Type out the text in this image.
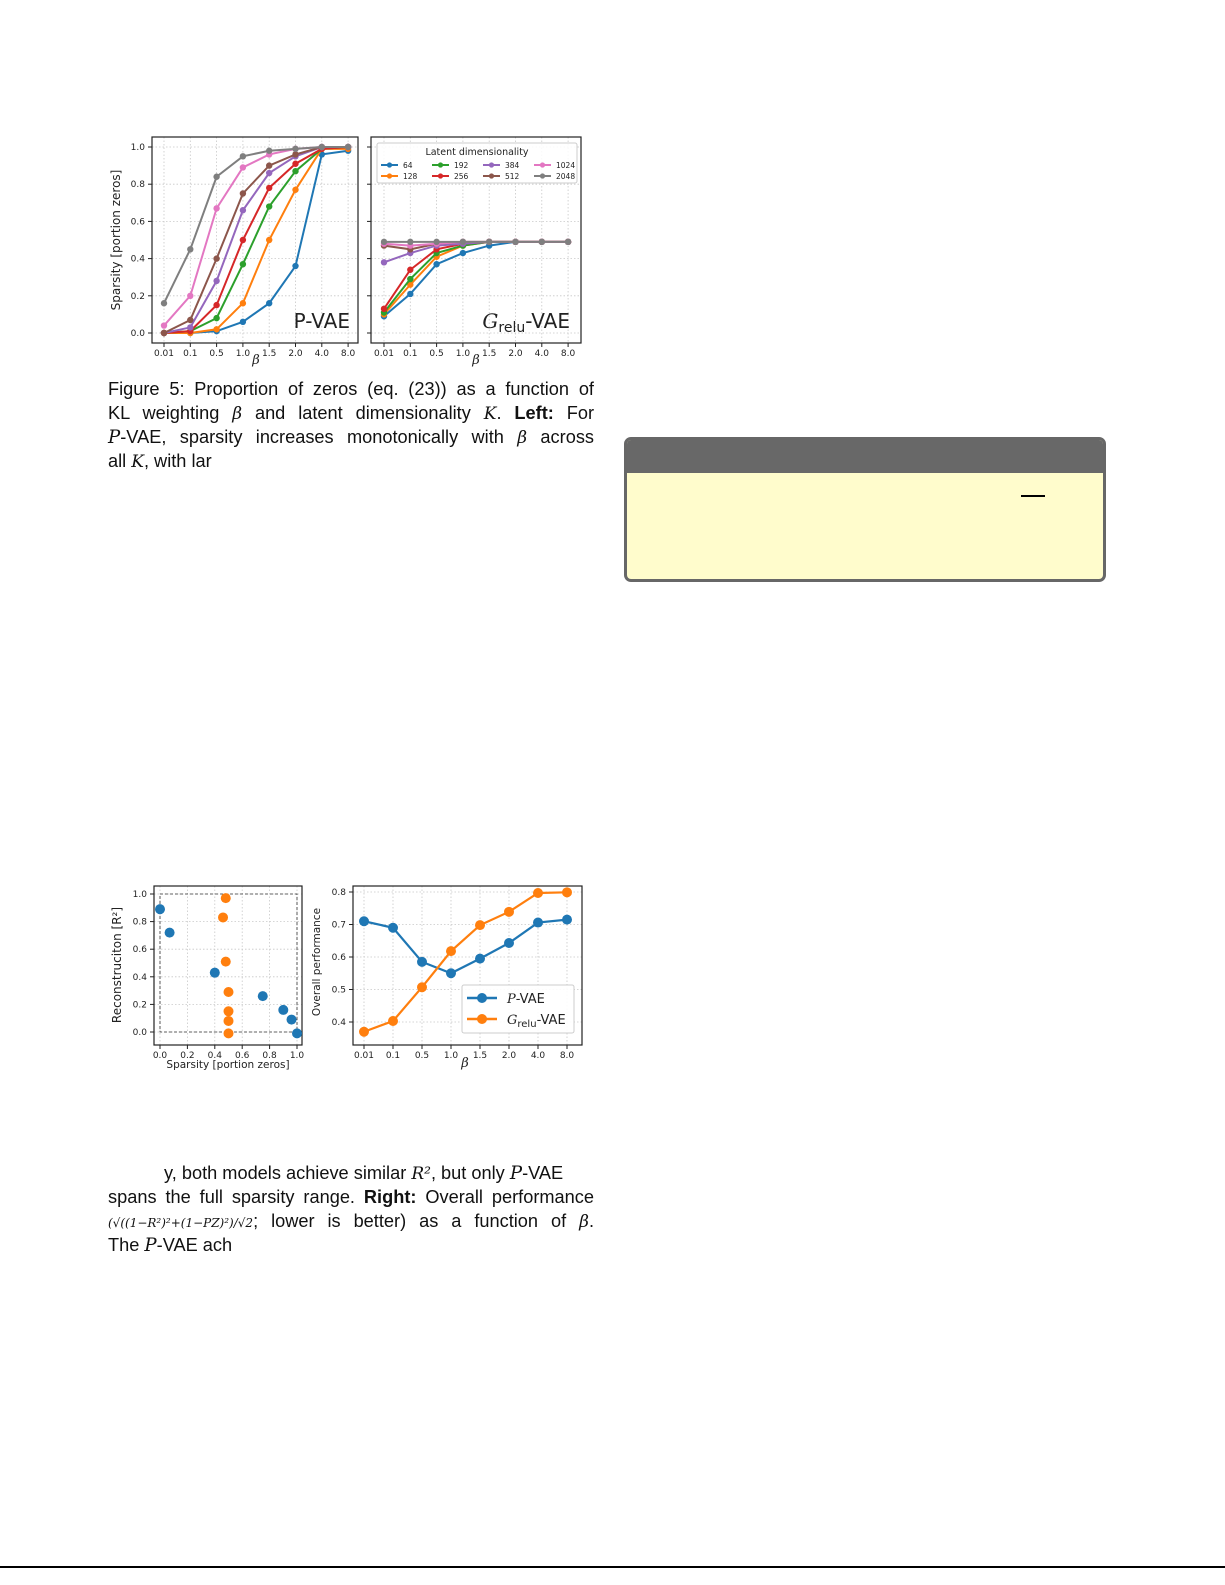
0.01 0.1 0.5 1.0 1.5 2.0 4.0 8.0
0.0
0.2
0.4
0.6
0.8
1.0
Sparsity [portion zeros]
β
P-VAE
0.01 0.1 0.5 1.0 1.5 2.0 4.0 8.0
β
$G_{relu}$-VAE
Latent dimensionality
64
128
192
256
384
512
1024
2048
0.0 0.2 0.4 0.6 0.8 1.0
0.0
0.2
0.4
0.6
0.8
1.0
Reconstruciton [R²]
Sparsity [portion zeros]
0.01 0.1 0.5 1.0 1.5 2.0 4.0 8.0
0.4
0.5
0.6
0.7
0.8
Overall performance
β
P-VAE
$G_{relu}$-VAE
Figure 5: Proportion of zeros (eq. (23)) as a function of
KL weighting β and latent dimensionality K. Left: For
P-VAE, sparsity increases monotonically with β across
all K, with lar
y, both models achieve similar R², but only P-VAE
spans the full sparsity range. Right: Overall performance
(√((1−R²)²+(1−PZ)²)/√2; lower is better) as a function of β.
The P-VAE ach
